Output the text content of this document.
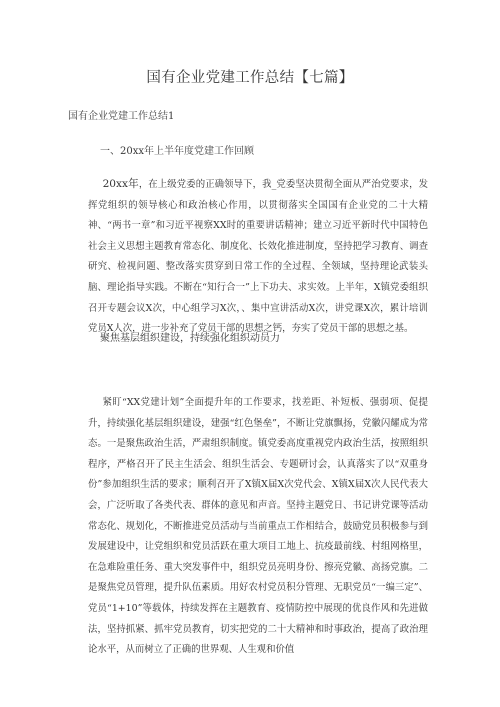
国有企业党建工作总结【七篇】

国有企业党建工作总结1

一、20xx年上半年度党建工作回顾

20xx年，在上级党委的正确领导下，我_党委坚决贯彻全面从严治党要求，发挥党组织的领导核心和政治核心作用，以贯彻落实全国国有企业党的二十大精神、“两书一章”和习近平视察XX时的重要讲话精神；建立习近平新时代中国特色社会主义思想主题教育常态化、制度化、长效化推进制度，坚持把学习教育、调查研究、检视问题、整改落实贯穿到日常工作的全过程、全领域，坚持理论武装头脑、理论指导实践。不断在“知行合一”上下功夫、求实效。上半年，X镇党委组织召开专题会议X次，中心组学习X次，、集中宣讲活动X次，讲党课X次，累计培训党员X人次，进一步补充了党员干部的思想之钙，夯实了党员干部的思想之基。

聚焦基层组织建设，持续强化组织动员力

紧盯“XX党建计划”全面提升年的工作要求，找差距、补短板、强弱项、促提升，持续强化基层组织建设，建强“红色堡垒”，不断让党旗飘扬，党徽闪耀成为常态。一是聚焦政治生活，严肃组织制度。镇党委高度重视党内政治生活，按照组织程序，严格召开了民主生活会、组织生活会、专题研讨会，认真落实了以“双重身份”参加组织生活的要求；顺利召开了X镇X届X次党代会、X镇X届X次人民代表大会，广泛听取了各类代表、群体的意见和声音。坚持主题党日、书记讲党课等活动常态化、规划化，不断推进党员活动与当前重点工作相结合，鼓励党员积极参与到发展建设中，让党组织和党员活跃在重大项目工地上、抗疫最前线、村组网格里，在急难险重任务、重大突发事件中，组织党员亮明身份、擦亮党徽、高扬党旗。二是聚焦党员管理，提升队伍素质。用好农村党员积分管理、无职党员“一编三定”、党员“1+10”等载体，持续发挥在主题教育、疫情防控中展现的优良作风和先进做法，坚持抓紧、抓牢党员教育，切实把党的二十大精神和时事政治，提高了政治理论水平，从而树立了正确的世界观、人生观和价值
